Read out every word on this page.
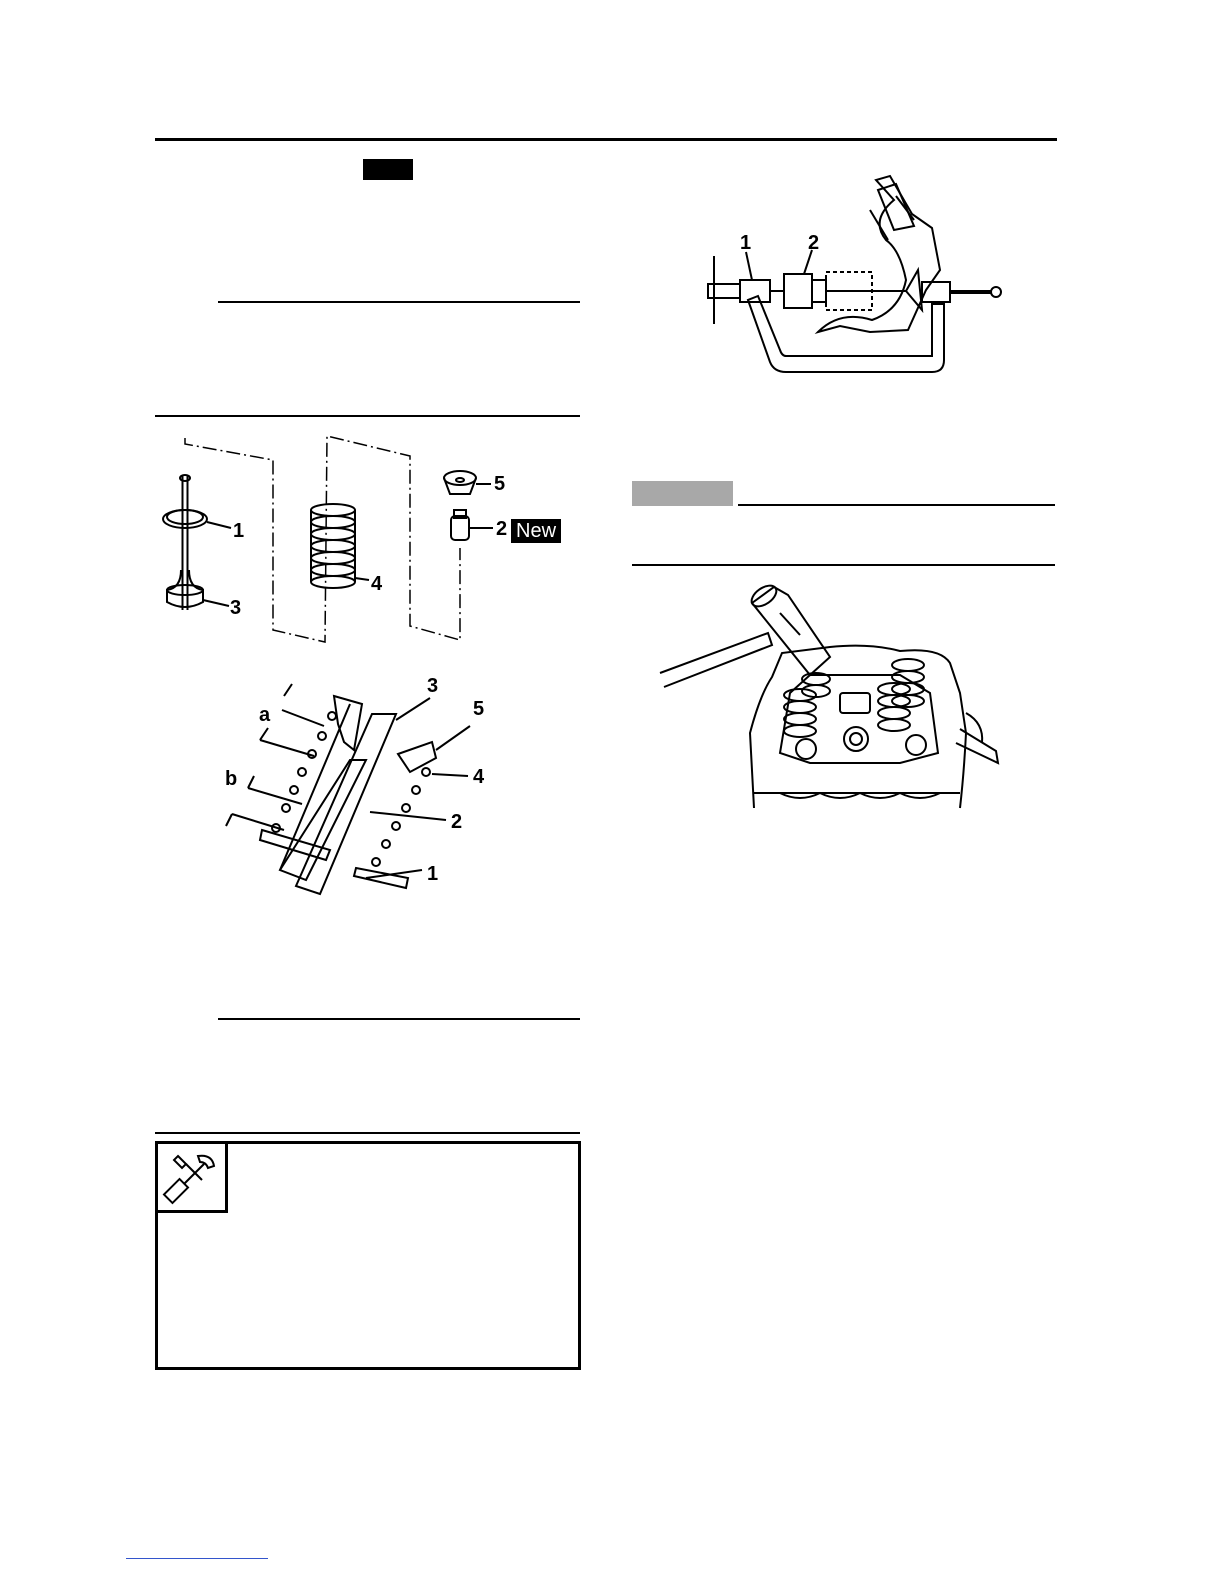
1
3
4
5
2 New
3
5
4
2
1
a
b
1	2
